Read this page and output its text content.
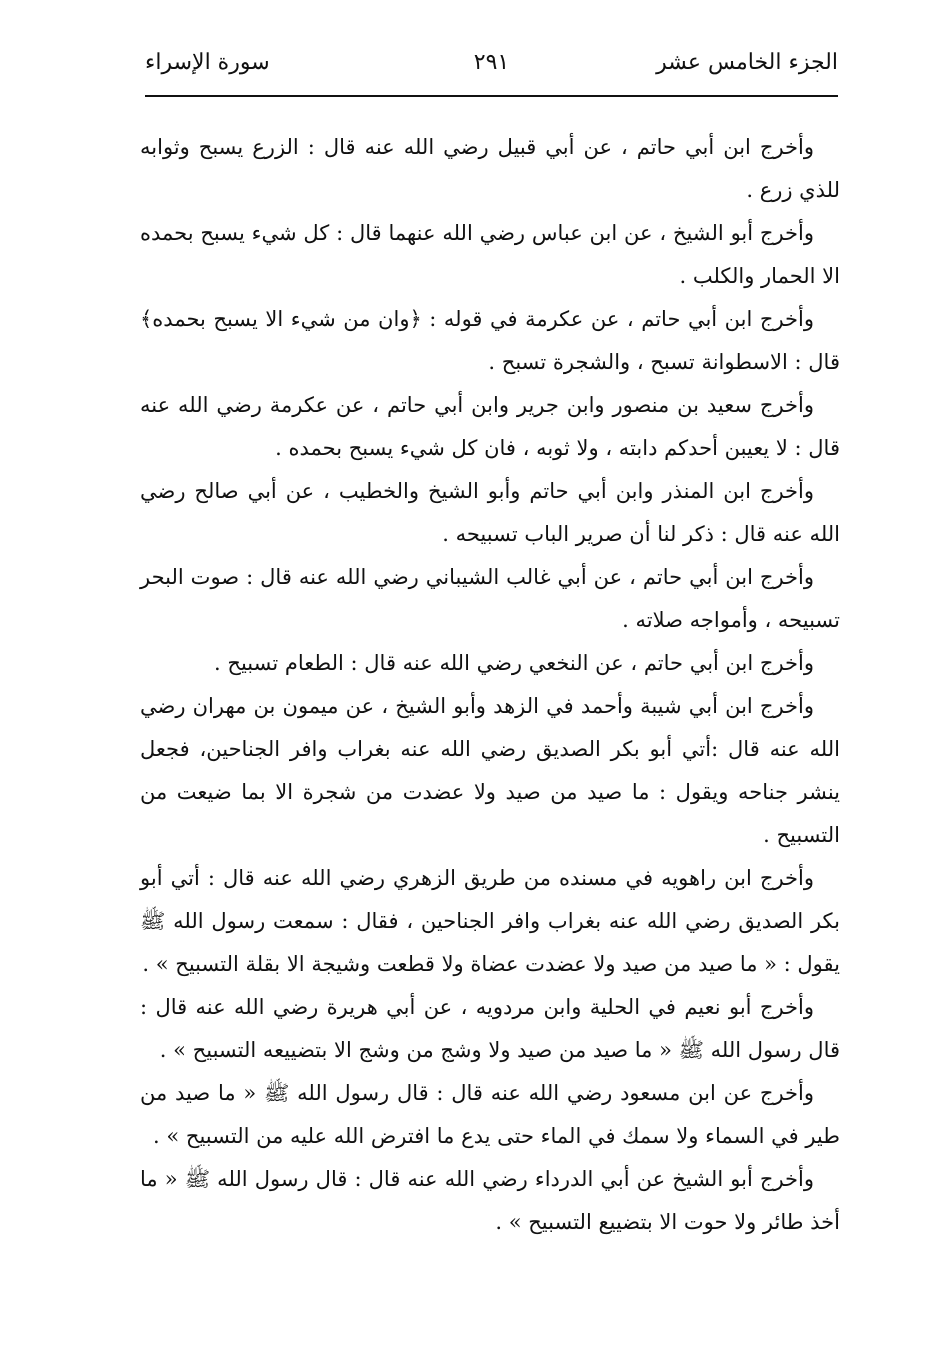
الجزء الخامس عشر
٢٩١
سورة الإسراء

وأخرج ابن أبي حاتم ، عن أبي قبيل رضي الله عنه قال : الزرع يسبح وثوابه للذي زرع .

وأخرج أبو الشيخ ، عن ابن عباس رضي الله عنهما قال : كل شيء يسبح بحمده الا الحمار والكلب .

وأخرج ابن أبي حاتم ، عن عكرمة في قوله : ﴿وان من شيء الا يسبح بحمده﴾ قال : الاسطوانة تسبح ، والشجرة تسبح .

وأخرج سعيد بن منصور وابن جرير وابن أبي حاتم ، عن عكرمة رضي الله عنه قال : لا يعيبن أحدكم دابته ، ولا ثوبه ، فان كل شيء يسبح بحمده .

وأخرج ابن المنذر وابن أبي حاتم وأبو الشيخ والخطيب ، عن أبي صالح رضي الله عنه قال : ذكر لنا أن صرير الباب تسبيحه .

وأخرج ابن أبي حاتم ، عن أبي غالب الشيباني رضي الله عنه قال : صوت البحر تسبيحه ، وأمواجه صلاته .

وأخرج ابن أبي حاتم ، عن النخعي رضي الله عنه قال : الطعام تسبيح .

وأخرج ابن أبي شيبة وأحمد في الزهد وأبو الشيخ ، عن ميمون بن مهران رضي الله عنه قال :أتي أبو بكر الصديق رضي الله عنه بغراب وافر الجناحين، فجعل ينشر جناحه ويقول : ما صيد من صيد ولا عضدت من شجرة الا بما ضيعت من التسبيح .

وأخرج ابن راهويه في مسنده من طريق الزهري رضي الله عنه قال : أتي أبو بكر الصديق رضي الله عنه بغراب وافر الجناحين ، فقال : سمعت رسول الله ﷺ يقول : « ما صيد من صيد ولا عضدت عضاة ولا قطعت وشيجة الا بقلة التسبيح » .

وأخرج أبو نعيم في الحلية وابن مردويه ، عن أبي هريرة رضي الله عنه قال : قال رسول الله ﷺ « ما صيد من صيد ولا وشج من وشج الا بتضييعه التسبيح » .

وأخرج عن ابن مسعود رضي الله عنه قال : قال رسول الله ﷺ « ما صيد من طير في السماء ولا سمك في الماء حتى يدع ما افترض الله عليه من التسبيح » .

وأخرج أبو الشيخ عن أبي الدرداء رضي الله عنه قال : قال رسول الله ﷺ « ما أخذ طائر ولا حوت الا بتضييع التسبيح » .
